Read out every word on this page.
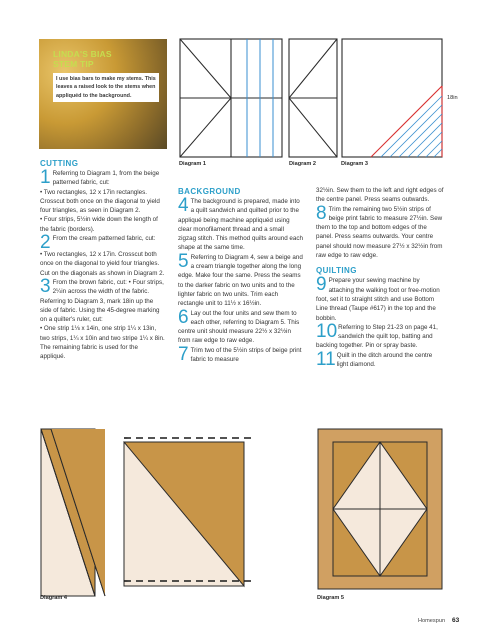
LINDA'S BIAS
STEM TIP
I use bias bars to make my stems. This leaves a raised look to the stems when appliquéd to the background.
Diagram 1	Diagram 2	Diagram 3
18in
CUTTING
1 Referring to Diagram 1, from the beige patterned fabric, cut:

• Two rectangles, 12 x 17in rectangles. Crosscut both once on the diagonal to yield four triangles, as seen in Diagram 2.

• Four strips, 5½in wide down the length of the fabric (borders).

2 From the cream patterned fabric, cut:

• Two rectangles, 12 x 17in. Crosscut both once on the diagonal to yield four triangles. Cut on the diagonals as shown in Diagram 2.

3 From the brown fabric, cut: • Four strips, 2¼in across the width of the fabric. Referring to Diagram 3, mark 18in up the side of fabric. Using the 45-degree marking on a quilter's ruler, cut:

• One strip 1⅛ x 14in, one strip 1¼ x 13in, two strips, 1¼ x 10in and two stripe 1¼ x 8in.

The remaining fabric is used for the appliqué.

BACKGROUND
4 The background is prepared, made into a quilt sandwich and quilted prior to the appliqué being machine appliquéd using clear monofilament thread and a small zigzag stitch. This method quilts around each shape at the same time.
5 Referring to Diagram 4, sew a beige and a cream triangle together along the long edge. Make four the same. Press the seams to the darker fabric on two units and to the lighter fabric on two units. Trim each rectangle unit to 11½ x 16½in.
6 Lay out the four units and sew them to each other, referring to Diagram 5. This centre unit should measure 22½ x 32½in from raw edge to raw edge.
7 Trim two of the 5½in strips of beige print fabric to measure

32½in. Sew them to the left and right edges of the centre panel. Press seams outwards.

8 Trim the remaining two 5½in strips of beige print fabric to measure 27½in. Sew them to the top and bottom edges of the panel. Press seams outwards. Your centre panel should now measure 27½ x 32½in from raw edge to raw edge.
QUILTING
9 Prepare your sewing machine by attaching the walking foot or free-motion foot, set it to straight stitch and use Bottom Line thread (Taupe #617) in the top and the bobbin.
10 Referring to Step 21-23 on page 41, sandwich the quilt top, batting and backing together. Pin or spray baste.
11 Quilt in the ditch around the centre light diamond.
Diagram 4	Diagram 5
Homespun 63
